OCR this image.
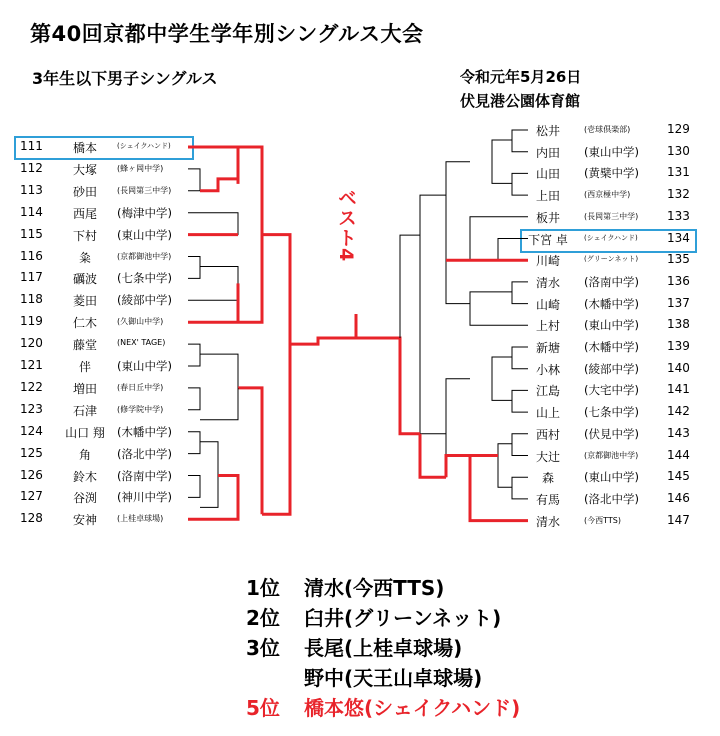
第40回京都中学生学年別シングルス大会
3年生以下男子シングルス	令和元年5月26日
伏見港公園体育館
111	橋本	(シェイクハンド)
112	大塚	(蜂ヶ岡中学)
113	砂田	(長岡第三中学)
114	西尾	(梅津中学)
115	下村	(東山中学)
116	粂	(京都御池中学)
117	礪波	(七条中学)
118	菱田	(綾部中学)
119	仁木	(久御山中学)
120	藤堂	(NEX' TAGE)
121	伴	(東山中学)
122	増田	(春日丘中学)
123	石津	(修学院中学)
124 山口 翔 (木幡中学)
125	角	(洛北中学)
126	鈴木	(洛南中学)
127	谷渕	(神川中学)
128	安神	(上桂卓球場)
松井	(壱球倶楽部)	129
内田	(東山中学) 130
山田	(黄檗中学) 131
上田	(西京極中学)	132
板井	(長岡第三中学) 133
下宮 卓	(シェイクハンド) 134
川崎	(グリーンネット) 135
清水	(洛南中学) 136
山崎	(木幡中学) 137
上村	(東山中学) 138
新塘	(木幡中学) 139
小林	(綾部中学) 140
江島	(大宅中学) 141
山上	(七条中学) 142
西村	(伏見中学) 143
大辻	(京都御池中学) 144
森	(東山中学) 145
有馬	(洛北中学) 146
清水	(今西TTS)	147
ベスト4
1位 清水(今西TTS)
2位 臼井(グリーンネット)
3位 長尾(上桂卓球場)
野中(天王山卓球場)
5位 橋本悠(シェイクハンド)
